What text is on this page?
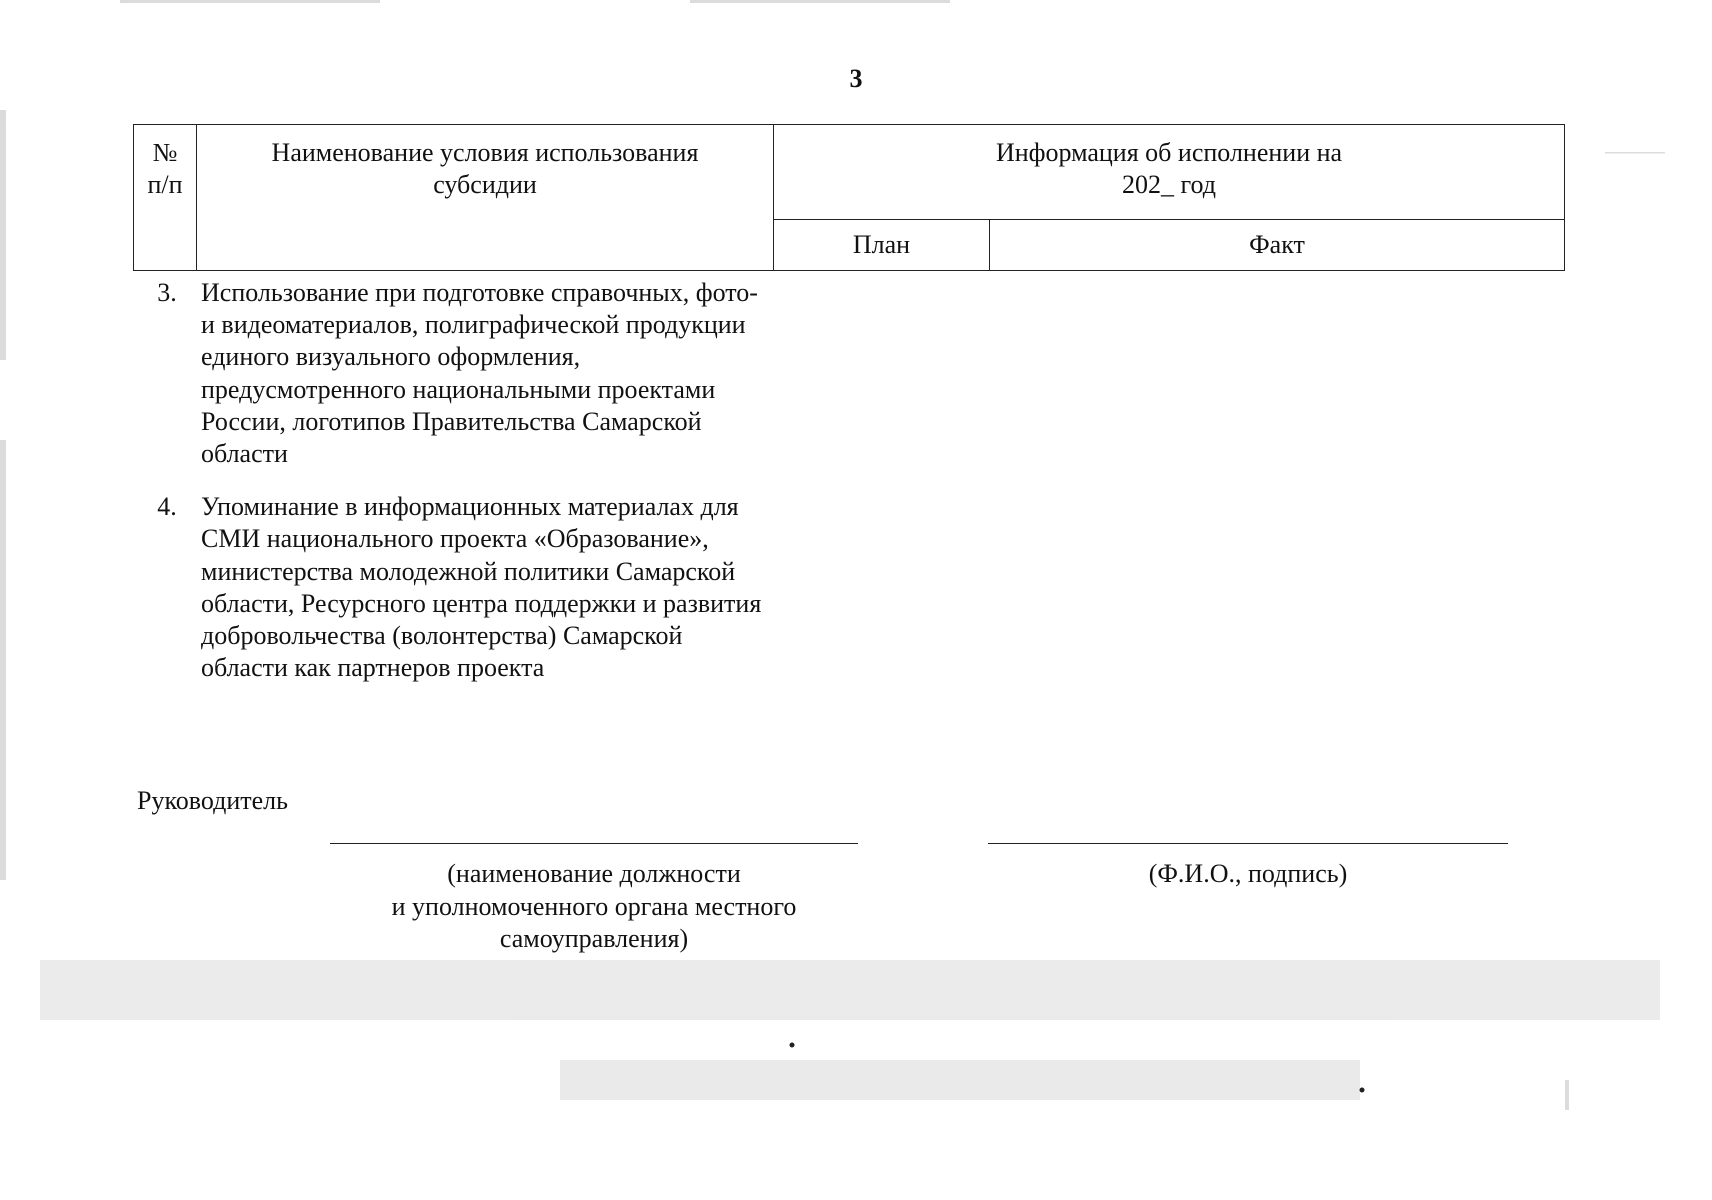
3
№ п/п	Наименование условия использования субсидии	Информация об исполнении на 202_ год	
		План	Факт
3. Использование при подготовке справочных, фото- и видеоматериалов, полиграфической продукции единого визуального оформления, предусмотренного национальными проектами России, логотипов Правительства Самарской области
4. Упоминание в информационных материалах для СМИ национального проекта «Образование», министерства молодежной политики Самарской области, Ресурсного центра поддержки и развития добровольчества (волонтерства) Самарской области как партнеров проекта
Руководитель
(наименование должности
и уполномоченного органа местного
самоуправления)
(Ф.И.О., подпись)
